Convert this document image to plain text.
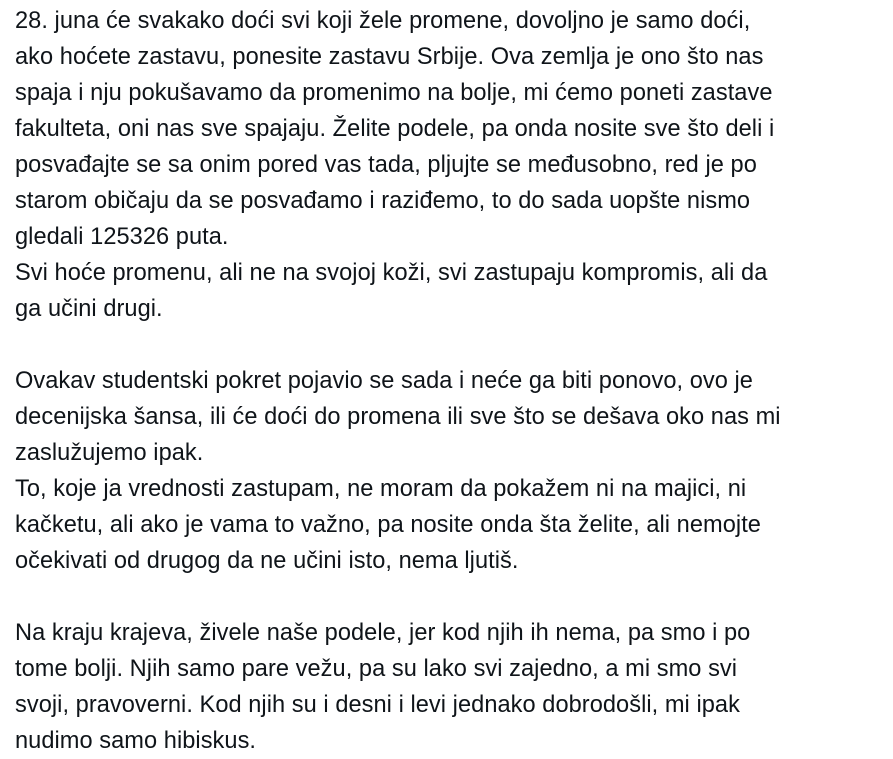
28. juna će svakako doći svi koji žele promene, dovoljno je samo doći,
ako hoćete zastavu, ponesite zastavu Srbije. Ova zemlja je ono što nas
spaja i nju pokušavamo da promenimo na bolje, mi ćemo poneti zastave
fakulteta, oni nas sve spajaju. Želite podele, pa onda nosite sve što deli i
posvađajte se sa onim pored vas tada, pljujte se međusobno, red je po
starom običaju da se posvađamo i raziđemo, to do sada uopšte nismo
gledali 125326 puta.
Svi hoće promenu, ali ne na svojoj koži, svi zastupaju kompromis, ali da
ga učini drugi.
Ovakav studentski pokret pojavio se sada i neće ga biti ponovo, ovo je
decenijska šansa, ili će doći do promena ili sve što se dešava oko nas mi
zaslužujemo ipak.
To, koje ja vrednosti zastupam, ne moram da pokažem ni na majici, ni
kačketu, ali ako je vama to važno, pa nosite onda šta želite, ali nemojte
očekivati od drugog da ne učini isto, nema ljutiš.
Na kraju krajeva, živele naše podele, jer kod njih ih nema, pa smo i po
tome bolji. Njih samo pare vežu, pa su lako svi zajedno, a mi smo svi
svoji, pravoverni. Kod njih su i desni i levi jednako dobrodošli, mi ipak
nudimo samo hibiskus.
